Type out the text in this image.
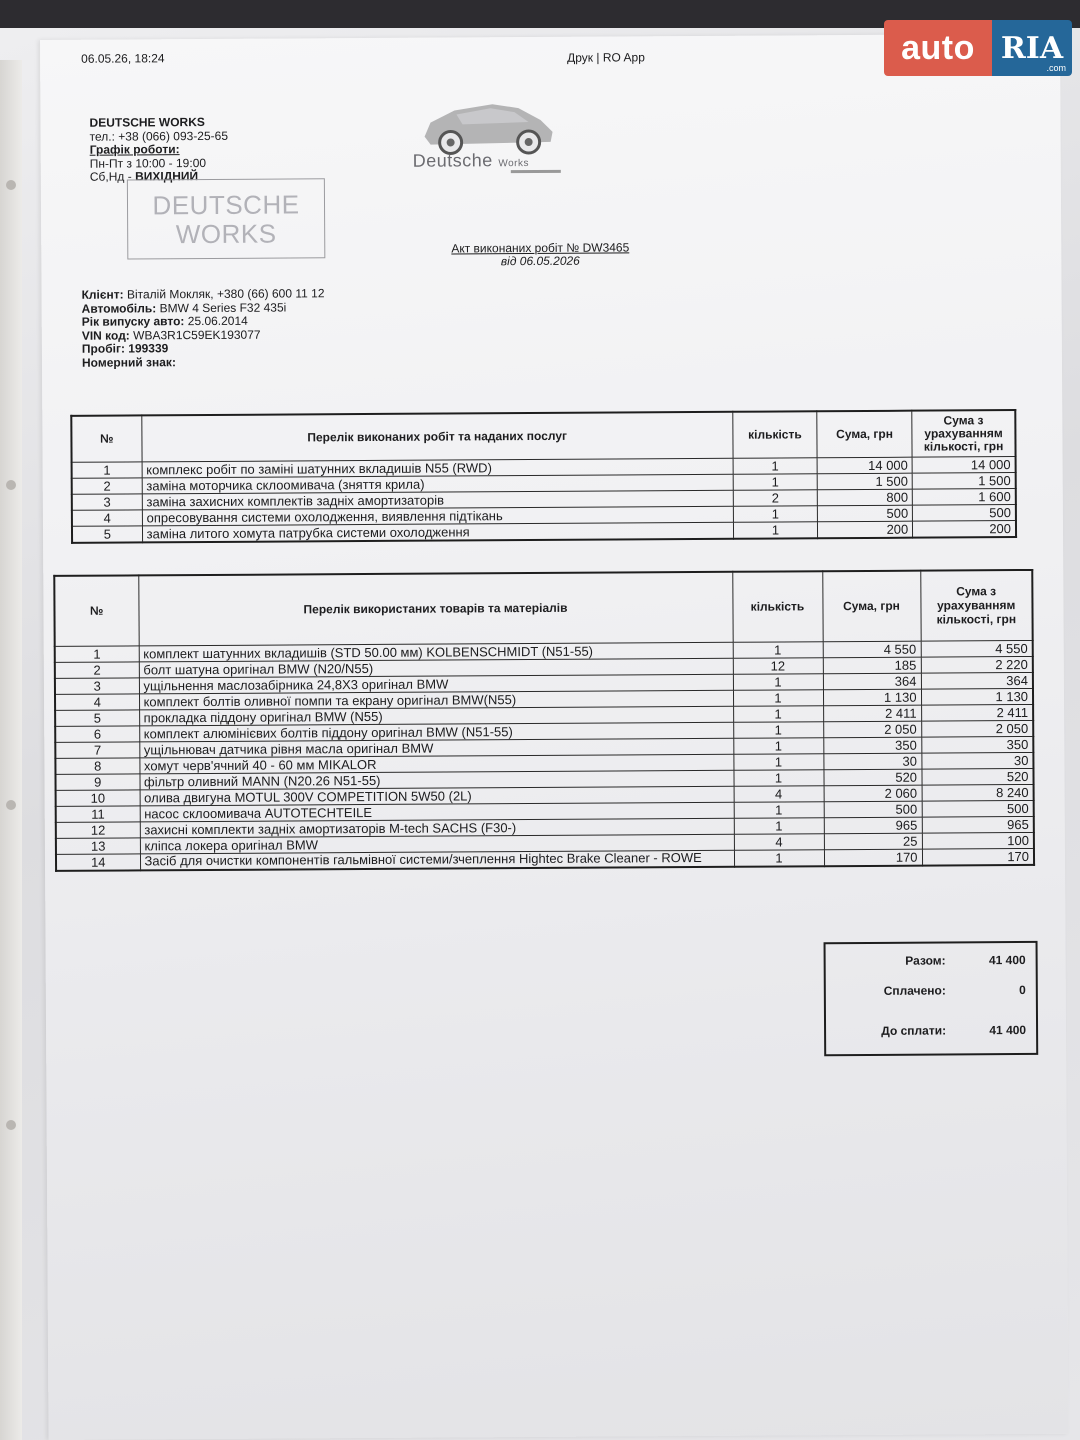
06.05.26, 18:24	Друк | RO App
DEUTSCHE WORKS
тел.: +38 (066) 093-25-65
Графік роботи:
Пн-Пт з 10:00 - 19:00
Сб,Нд - ВИХІДНИЙ
DEUTSCHE
WORKS
Deutsche Works
Акт виконаних робіт № DW3465
від 06.05.2026
Клієнт: Віталій Мокляк, +380 (66) 600 11 12
Автомобіль: BMW 4 Series F32 435i
Рік випуску авто: 25.06.2014
VIN код: WBA3R1C59EK193077
Пробіг: 199339
Номерний знак:
№	Перелік виконаних робіт та наданих послуг	кількість	Сума, грн	Сума з урахуванням кількості, грн
1	комплекс робіт по заміні шатунних вкладишів N55 (RWD)	1	14 000	14 000
2	заміна моторчика склоомивача (зняття крила)	1	1 500	1 500
3	заміна захисних комплектів задніх амортизаторів	2	800	1 600
4	опресовування системи охолодження, виявлення підтікань	1	500	500
5	заміна литого хомута патрубка системи охолодження	1	200	200
№	Перелік використаних товарів та матеріалів	кількість	Сума, грн	Сума з урахуванням кількості, грн
1	комплект шатунних вкладишів (STD 50.00 мм) KOLBENSCHMIDT (N51-55)	1	4 550	4 550
2	болт шатуна оригінал BMW (N20/N55)	12	185	2 220
3	ущільнення маслозабірника 24,8X3 оригінал BMW	1	364	364
4	комплект болтів оливної помпи та екрану оригінал BMW(N55)	1	1 130	1 130
5	прокладка піддону оригінал BMW (N55)	1	2 411	2 411
6	комплект алюмінієвих болтів піддону оригінал BMW (N51-55)	1	2 050	2 050
7	ущільнювач датчика рівня масла оригінал BMW	1	350	350
8	хомут черв'ячний 40 - 60 мм MIKALOR	1	30	30
9	фільтр оливний MANN (N20.26 N51-55)	1	520	520
10	олива двигуна MOTUL 300V COMPETITION 5W50 (2L)	4	2 060	8 240
11	насос склоомивача AUTOTECHTEILE	1	500	500
12	захисні комплекти задніх амортизаторів M-tech SACHS (F30-)	1	965	965
13	кліпса локера оригінал BMW	4	25	100
14	Засіб для очистки компонентів гальмівної системи/зчеплення Hightec Brake Cleaner - ROWE	1	170	170
Разом:	41 400
Сплачено:	0
До сплати:	41 400
auto RIA
.com
